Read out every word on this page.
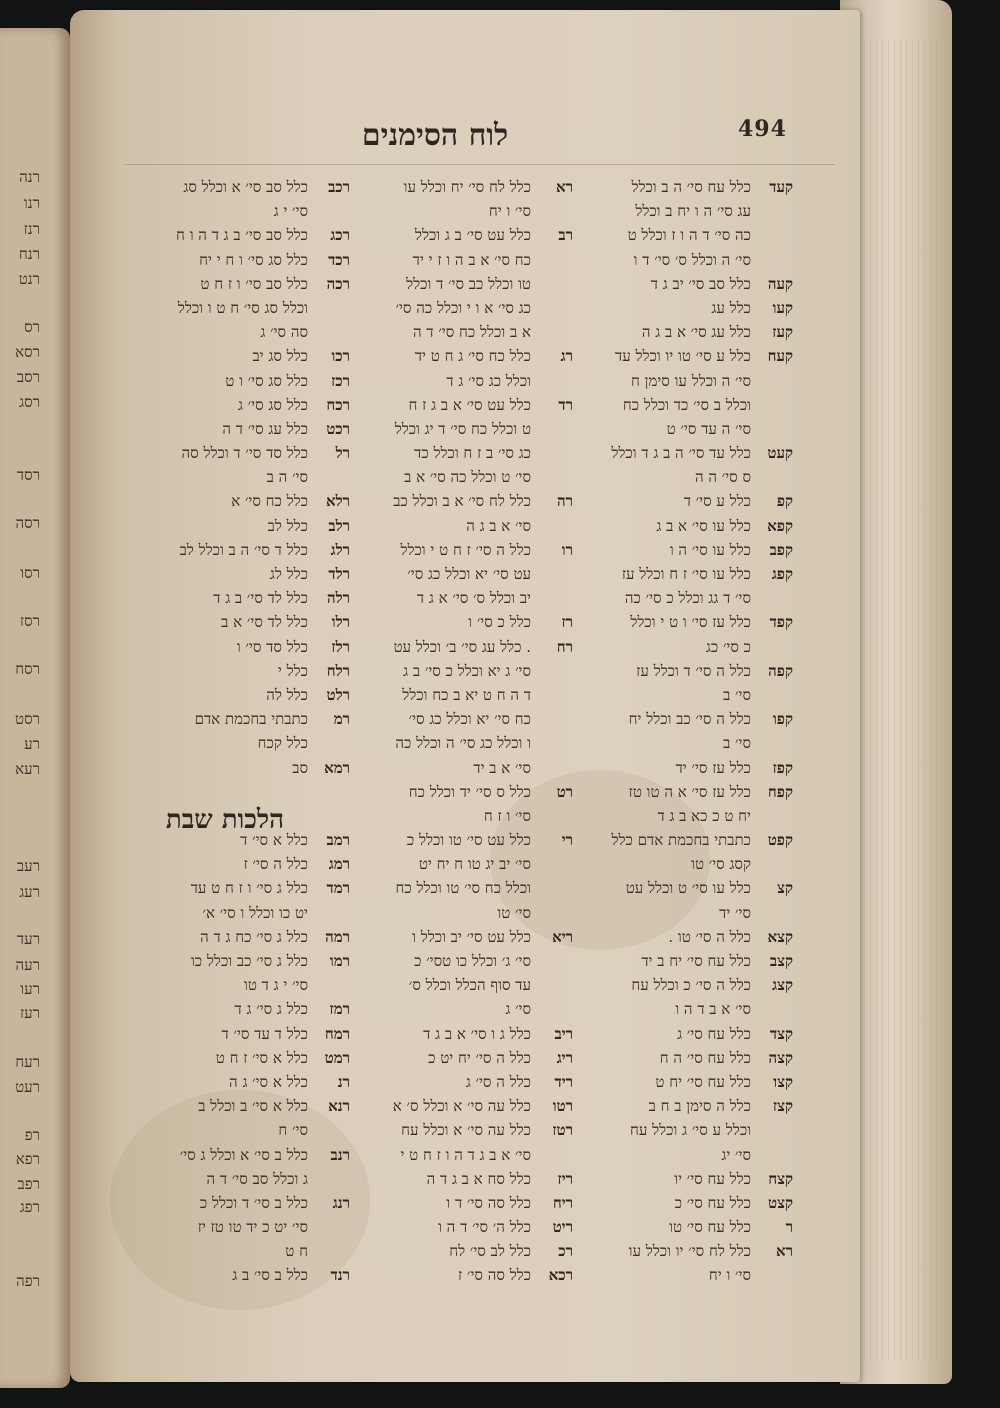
רנה
רנו
רנז
רנח
רנט
רס
רסא
רסב
רסג
רסד
רסה
רסו
רסז
רסח
רסט
רע
רעא
רעב
רעג
רעד
רעה
רעו
רעז
רעח
רעט
רפ
רפא
רפב
רפג
רפה
494
לוח הסימנים
קעד
כלל עח סי׳ ה ב וכלל
עג סי׳ ה ו יח ב וכלל
כה סי׳ ד ה ו ז וכלל ט
סי׳ ה וכלל ס׳ סי׳ ד ו
קעה
כלל סב סי׳ יב ג ד
קעו
כלל עג
קעז
כלל עג סי׳ א ב ג ה
קעח
כלל ע סי׳ טו יו וכלל עד
סי׳ ה וכלל עו סימן ח
וכלל ב סי׳ כד וכלל כח
סי׳ ה עד סי׳ ט
קעט
כלל עד סי׳ ה ב ג ד וכלל
ס סי׳ ה ה
קפ
כלל ע סי׳ ד
קפא
כלל עו סי׳ א ב ג
קפב
כלל עו סי׳ ה ו
קפג
כלל עו סי׳ ז ח וכלל עז
סי׳ ד גג וכלל כ סי׳ כה
קפד
כלל עז סי׳ ו ט י וכלל
כ סי׳ כג
קפה
כלל ה סי׳ ד וכלל עז
סי׳ ב
קפו
כלל ה סי׳ כב וכלל יח
סי׳ ב
קפז
כלל עז סי׳ יד
קפח
כלל עז סי׳ א ה טו טז
יח ט כ כא ב ג ד
קפט
כתבתי בחכמת אדם כלל
קסג סי׳ טו
קצ
כלל עו סי׳ ט וכלל עט
סי׳ יד
קצא
כלל ה סי׳ טו .
קצב
כלל עח סי׳ יח ב יד
קצג
כלל ה סי׳ כ וכלל עח
סי׳ א ב ד ה ו
קצד
כלל עח סי׳ ג
קצה
כלל עח סי׳ ה ח
קצו
כלל עח סי׳ יח ט
קצז
כלל ה סימן ב ח ב
וכלל ע סי׳ ג וכלל עח
סי׳ יג
קצח
כלל עח סי׳ יו
קצט
כלל עח סי׳ כ
ר
כלל עח סי׳ טו
רא
כלל לח סי׳ יו וכלל עו
סי׳ ו יח
רא
כלל לח סי׳ יח וכלל עו
סי׳ ו יח
רב
כלל עט סי׳ ב ג וכלל
כח סי׳ א ב ה ו ז י יד
טו וכלל כב סי׳ ד וכלל
כג סי׳ א ו י וכלל כה סי׳
א ב וכלל כח סי׳ ד ה
רג
כלל כח סי׳ ג ח ט יד
וכלל כג סי׳ ג ד
רד
כלל עט סי׳ א ב ג ז ח
ט וכלל כח סי׳ ד יג וכלל
כג סי׳ ב ז ח וכלל כד
סי׳ ט וכלל כה סי׳ א ב
רה
כלל לח סי׳ א ב וכלל כב
סי׳ א ב ג ה
רו
כלל ה סי׳ ז ח ט י וכלל
עט סי׳ יא וכלל כג סי׳
יב וכלל ס׳ סי׳ א ג ד
רז
כלל כ סי׳ ו
רח
. כלל עג סי׳ ב׳ וכלל עט
סי׳ ג יא וכלל כ סי׳ ב ג
ד ה ח ט יא ב כח וכלל
כח סי׳ יא וכלל כג סי׳
ו וכלל כג סי׳ ה וכלל כה
סי׳ א ב יד
רט
כלל ס סי׳ יד וכלל כח
סי׳ ו ז ח
רי
כלל עט סי׳ טו וכלל כ
סי׳ יב יג טו ח יח יט
וכלל כח סי׳ טו וכלל כח
סי׳ טו
ריא
כלל עט סי׳ יב וכלל ו
סי׳ ג׳ וכלל כו טסי׳ כ
עד סוף הכלל וכלל ס׳
סי׳ ג
ריב
כלל ג ו סי׳ א ב ג ד
ריג
כלל ה סי׳ יח יט כ
ריד
כלל ה סי׳ ג
רטו
כלל עה סי׳ א וכלל ס׳ א
רטז
כלל עה סי׳ א וכלל עח
סי׳ א ב ג ד ה ו ז ח ט י
ריז
כלל סח א ב ג ד ה
ריח
כלל סה סי׳ ד ו
ריט
כלל ה׳ סי׳ ד ה ו
רכ
כלל לב סי׳ לח
רכא
כלל סה סי׳ ז
רכב
כלל סב סי׳ א וכלל סג
סי׳ י ג
רכג
כלל סב סי׳ ב ג ד ה ו ח
רכד
כלל סג סי׳ ו ח י יח
רכה
כלל סב סי׳ ו ז ח ט
וכלל סג סי׳ ח ט ו וכלל
סה סי׳ ג
רכו
כלל סג יב
רכז
כלל סג סי׳ ו ט
רכח
כלל סג סי׳ ג
רכט
כלל עג סי׳ ד ה
רל
כלל סד סי׳ ד וכלל סה
סי׳ ה ב
רלא
כלל כח סי׳ א
רלב
כלל לב
רלג
כלל ד סי׳ ה ב וכלל לב
רלד
כלל לג
רלה
כלל לד סי׳ ב ג ד
רלו
כלל לד סי׳ א ב
רלז
כלל סד סי׳ ו
רלח
כלל י
רלט
כלל לה
רמ
כתבתי בחכמת אדם
כלל קכח
רמא
סב
רמב
כלל א סי׳ ד
רמג
כלל ה סי׳ ז
רמד
כלל ג סי׳ ו ז ח ט עד
יט כו וכלל ו סי׳ א׳
רמה
כלל ג סי׳ כח ג ד ה
רמו
כלל ג סי׳ כב וכלל כו
סי׳ י ג ד טו
רמז
כלל ג סי׳ ג ד
רמח
כלל ד עד סי׳ ד
רמט
כלל א סי׳ ז ח ט
רנ
כלל א סי׳ ג ה
רנא
כלל א סי׳ ב וכלל ב
סי׳ ח
רנב
כלל ב סי׳ א וכלל ג סי׳
ג וכלל סב סי׳ ד ה
רנג
כלל ב סי׳ ד וכלל כ
סי׳ יט כ יד טו טז יז
ח ט
רנד
כלל ב סי׳ ב ג
הלכות שבת
